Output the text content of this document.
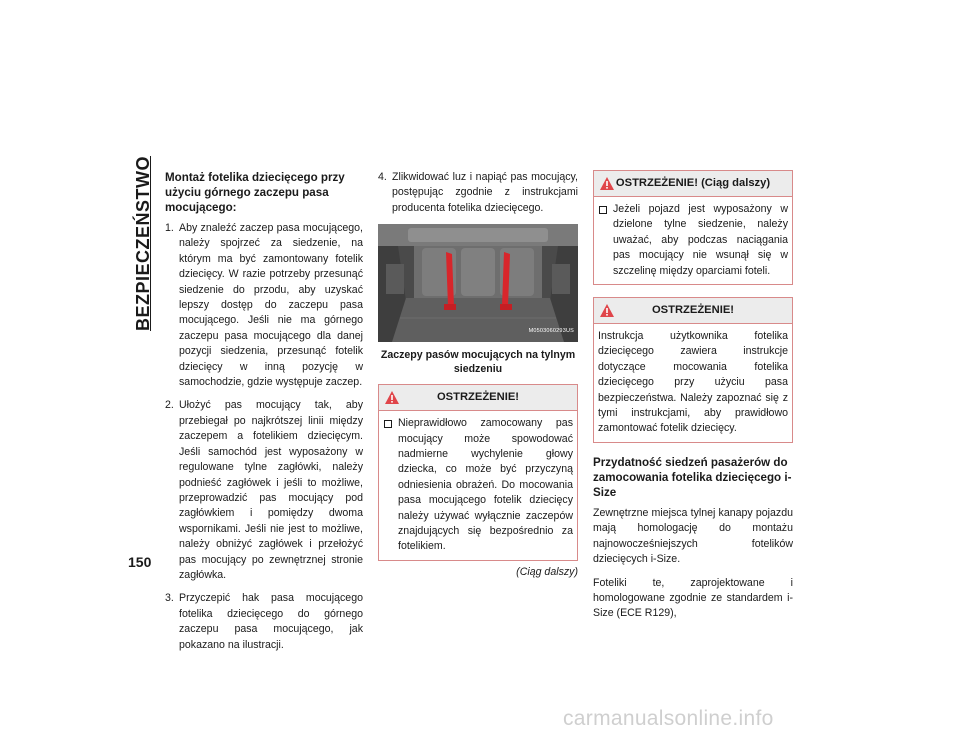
BEZPIECZEŃSTWO
150
Montaż fotelika dziecięcego przy użyciu górnego zaczepu pasa mocującego:
1. Aby znaleźć zaczep pasa mocującego, należy spojrzeć za siedzenie, na którym ma być zamontowany fotelik dziecięcy. W razie potrzeby przesunąć siedzenie do przodu, aby uzyskać lepszy dostęp do zaczepu pasa mocującego. Jeśli nie ma górnego zaczepu pasa mocującego dla danej pozycji siedzenia, przesunąć fotelik dziecięcy w inną pozycję w samochodzie, gdzie występuje zaczep.
2. Ułożyć pas mocujący tak, aby przebiegał po najkrótszej linii między zaczepem a fotelikiem dziecięcym. Jeśli samochód jest wyposażony w regulowane tylne zagłówki, należy podnieść zagłówek i jeśli to możliwe, przeprowadzić pas mocujący pod zagłówkiem i pomiędzy dwoma wspornikami. Jeśli nie jest to możliwe, należy obniżyć zagłówek i przełożyć pas mocujący po zewnętrznej stronie zagłówka.
3. Przyczepić hak pasa mocującego fotelika dziecięcego do górnego zaczepu pasa mocującego, jak pokazano na ilustracji.
4. Zlikwidować luz i napiąć pas mocujący, postępując zgodnie z instrukcjami producenta fotelika dziecięcego.
M0503060293US
Zaczepy pasów mocujących na tylnym siedzeniu
OSTRZEŻENIE!
Nieprawidłowo zamocowany pas mocujący może spowodować nadmierne wychylenie głowy dziecka, co może być przyczyną odniesienia obrażeń. Do mocowania pasa mocującego fotelik dziecięcy należy używać wyłącznie zaczepów znajdujących się bezpośrednio za fotelikiem.
(Ciąg dalszy)
OSTRZEŻENIE! (Ciąg dalszy)
Jeżeli pojazd jest wyposażony w dzielone tylne siedzenie, należy uważać, aby podczas naciągania pas mocujący nie wsunął się w szczelinę między oparciami foteli.
OSTRZEŻENIE!
Instrukcja użytkownika fotelika dziecięcego zawiera instrukcje dotyczące mocowania fotelika dziecięcego przy użyciu pasa bezpieczeństwa. Należy zapoznać się z tymi instrukcjami, aby prawidłowo zamontować fotelik dziecięcy.
Przydatność siedzeń pasażerów do zamocowania fotelika dziecięcego i-Size

Zewnętrzne miejsca tylnej kanapy pojazdu mają homologację do montażu najnowocześniejszych fotelików dziecięcych i-Size.

Foteliki te, zaprojektowane i homologowane zgodnie ze standardem i-Size (ECE R129),

carmanualsonline.info
